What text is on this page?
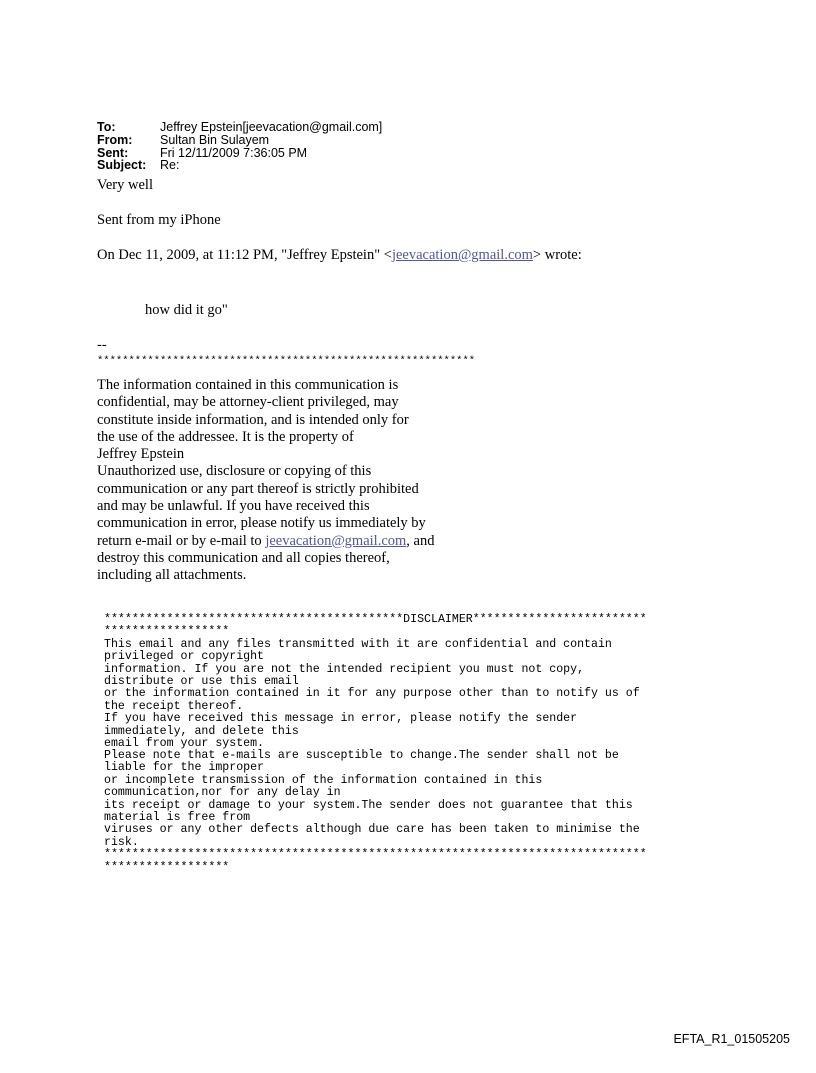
To:	Jeffrey Epstein[jeevacation@gmail.com]
From:	Sultan Bin Sulayem
Sent:	Fri 12/11/2009 7:36:05 PM
Subject:	Re:
Very well
Sent from my iPhone
On Dec 11, 2009, at 11:12 PM, "Jeffrey Epstein" <jeevacation@gmail.com> wrote:
how did it go"
--
************************************************************
The information contained in this communication is
confidential, may be attorney-client privileged, may
constitute inside information, and is intended only for
the use of the addressee. It is the property of
Jeffrey Epstein
Unauthorized use, disclosure or copying of this
communication or any part thereof is strictly prohibited
and may be unlawful. If you have received this
communication in error, please notify us immediately by
return e-mail or by e-mail to jeevacation@gmail.com, and
destroy this communication and all copies thereof,
including all attachments.
*******************************************DISCLAIMER*************************
******************
This email and any files transmitted with it are confidential and contain
privileged or copyright
information. If you are not the intended recipient you must not copy,
distribute or use this email
or the information contained in it for any purpose other than to notify us of
the receipt thereof.
If you have received this message in error, please notify the sender
immediately, and delete this
email from your system.
Please note that e-mails are susceptible to change.The sender shall not be
liable for the improper
or incomplete transmission of the information contained in this
communication,nor for any delay in
its receipt or damage to your system.The sender does not guarantee that this
material is free from
viruses or any other defects although due care has been taken to minimise the
risk.
******************************************************************************
******************
EFTA_R1_01505205
